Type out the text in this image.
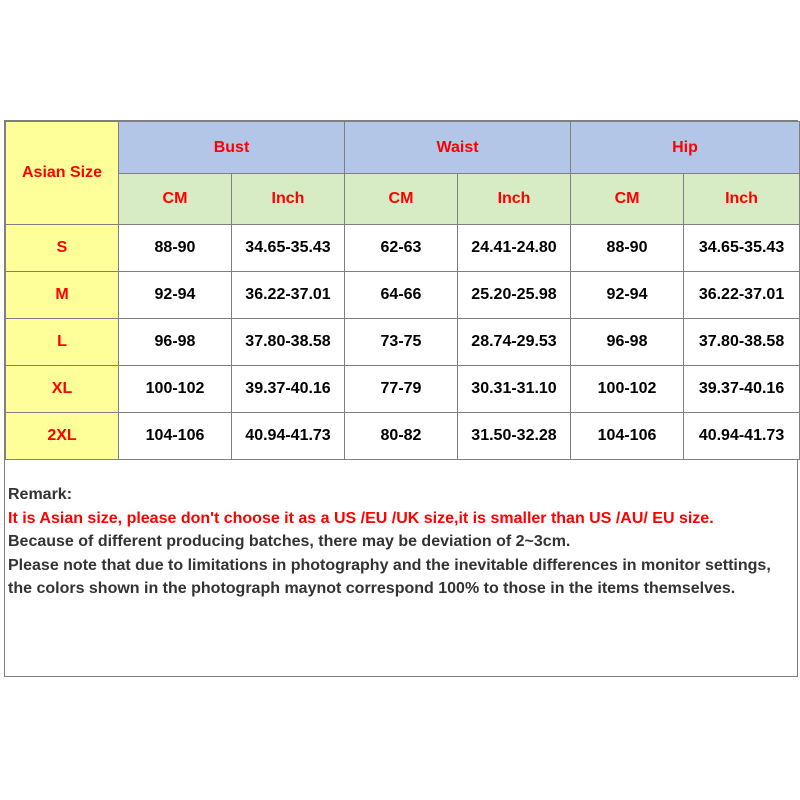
Asian Size	Bust		Waist		Hip	
	CM	Inch	CM	Inch	CM	Inch
S	88-90	34.65-35.43	62-63	24.41-24.80	88-90	34.65-35.43
M	92-94	36.22-37.01	64-66	25.20-25.98	92-94	36.22-37.01
L	96-98	37.80-38.58	73-75	28.74-29.53	96-98	37.80-38.58
XL	100-102	39.37-40.16	77-79	30.31-31.10	100-102	39.37-40.16
2XL	104-106	40.94-41.73	80-82	31.50-32.28	104-106	40.94-41.73

Remark:

It is Asian size, please don't choose it as a US /EU /UK size,it is smaller than US /AU/ EU size.

Because of different producing batches, there may be deviation of 2~3cm.

Please note that due to limitations in photography and the inevitable differences in monitor settings, the colors shown in the photograph maynot correspond 100% to those in the items themselves.
